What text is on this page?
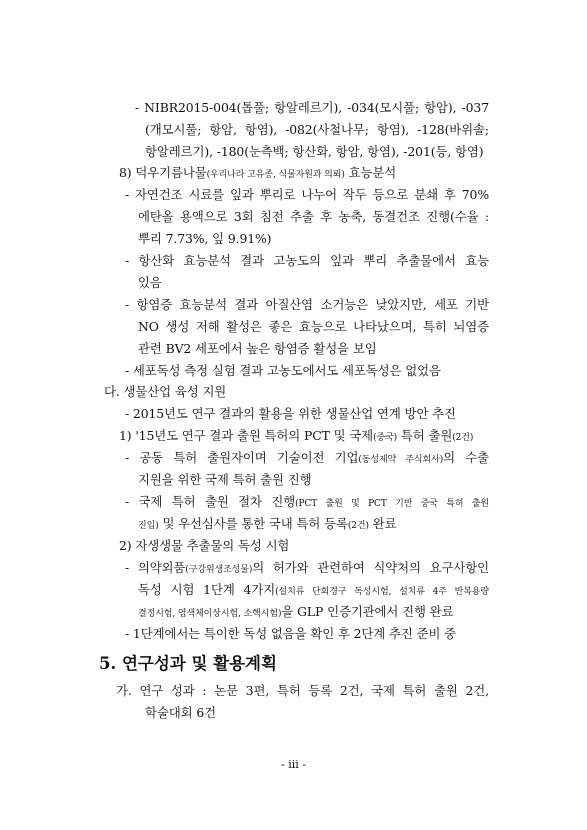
- NIBR2015-004(톱풀; 항알레르기), -034(모시풀; 항암), -037
(개모시풀; 항암, 항염), -082(사철나무; 항염), -128(바위솔;
항알레르기), -180(눈측백; 항산화, 항암, 항염), -201(등, 항염)
8) 덕우기름나물(우리나라 고유종, 식물자원과 의뢰) 효능분석
- 자연건조 시료를 잎과 뿌리로 나누어 작두 등으로 분쇄 후 70%
에탄올 용액으로 3회 침전 추출 후 농축, 동결건조 진행(수율 :
뿌리 7.73%, 잎 9.91%)
- 항산화 효능분석 결과 고농도의 잎과 뿌리 추출물에서 효능
있음
- 항염증 효능분석 결과 아질산염 소거능은 낮았지만, 세포 기반
NO 생성 저해 활성은 좋은 효능으로 나타났으며, 특히 뇌염증
관련 BV2 세포에서 높은 항염증 활성을 보임
- 세포독성 측정 실험 결과 고농도에서도 세포독성은 없었음
다. 생물산업 육성 지원
- 2015년도 연구 결과의 활용을 위한 생물산업 연계 방안 추진
1) '15년도 연구 결과 출원 특허의 PCT 및 국제(중국) 특허 출원(2건)
- 공동 특허 출원자이며 기술이전 기업(동성제약 주식회사)의 수출
지원을 위한 국제 특허 출원 진행
- 국제 특허 출원 절차 진행(PCT 출원 및 PCT 기반 중국 특허 출원
진입) 및 우선심사를 통한 국내 특허 등록(2건) 완료
2) 자생생물 추출물의 독성 시험
- 의약외품(구강위생조성물)의 허가와 관련하여 식약처의 요구사항인
독성 시험 1단계 4가지(설치류 단회경구 독성시험, 설치류 4주 반복용량
결정시험, 염색체이상시험, 소핵시험)을 GLP 인증기관에서 진행 완료
- 1단계에서는 특이한 독성 없음을 확인 후 2단계 추진 준비 중
5. 연구성과 및 활용계획
가. 연구 성과 : 논문 3편, 특허 등록 2건, 국제 특허 출원 2건,
학술대회 6건
- iii -
